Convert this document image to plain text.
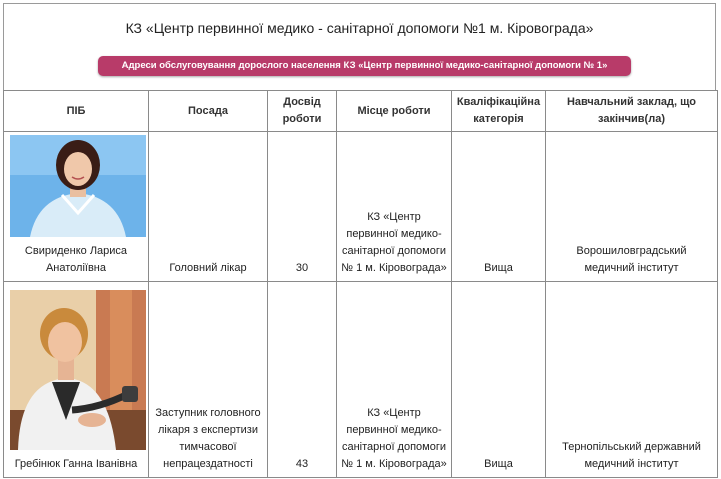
КЗ «Центр первинної медико - санітарної допомоги №1 м. Кіровограда»
Адреси обслуговування дорослого населення КЗ «Центр первинної медико-санітарної допомоги № 1»
ПІБ	Посада	Досвід роботи	Місце роботи	Кваліфікаційна категорія	Навчальний заклад, що закінчив(ла)

Свириденко Лариса Анатоліївна	Головний лікар	30	КЗ «Центр первинної медико-санітарної допомоги № 1 м. Кіровограда»	Вища	Ворошиловградський медичний інститут

Гребінюк Ганна Іванівна	Заступник головного лікаря з експертизи тимчасової непрацездатності	43	КЗ «Центр первинної медико-санітарної допомоги № 1 м. Кіровограда»	Вища	Тернопільський державний медичний інститут
